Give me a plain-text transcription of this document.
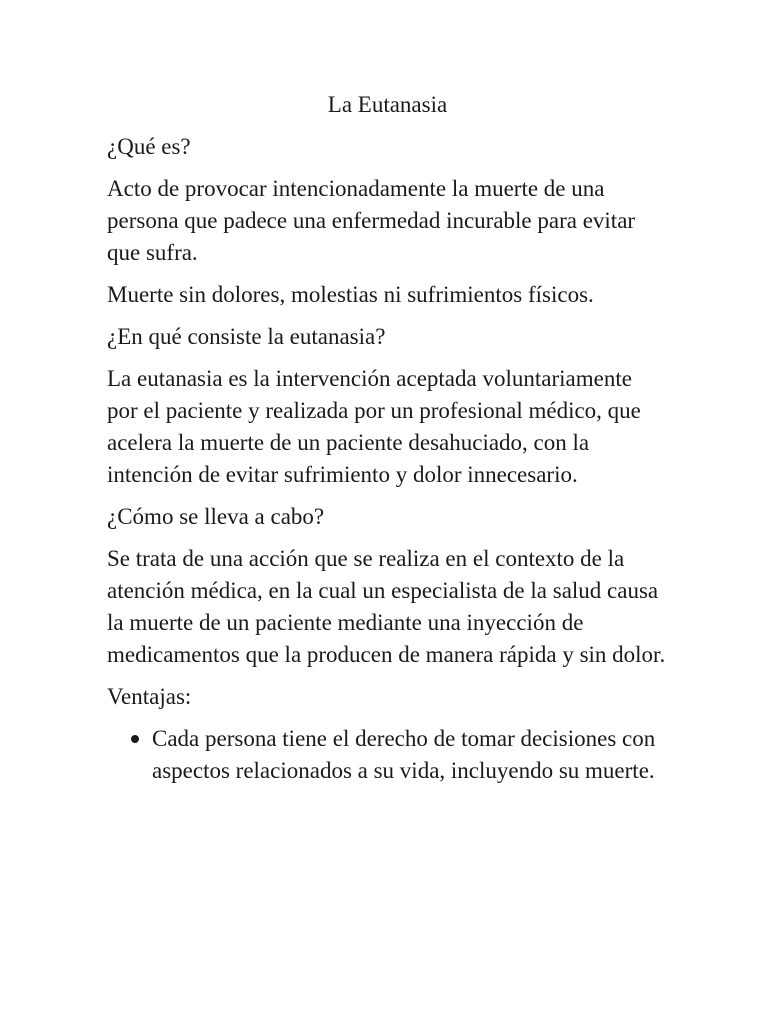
La Eutanasia

¿Qué es?

Acto de provocar intencionadamente la muerte de una persona que padece una enfermedad incurable para evitar que sufra.

Muerte sin dolores, molestias ni sufrimientos físicos.

¿En qué consiste la eutanasia?

La eutanasia es la intervención aceptada voluntariamente por el paciente y realizada por un profesional médico, que acelera la muerte de un paciente desahuciado, con la intención de evitar sufrimiento y dolor innecesario.

¿Cómo se lleva a cabo?

Se trata de una acción que se realiza en el contexto de la atención médica, en la cual un especialista de la salud causa la muerte de un paciente mediante una inyección de medicamentos que la producen de manera rápida y sin dolor.

Ventajas:

Cada persona tiene el derecho de tomar decisiones con aspectos relacionados a su vida, incluyendo su muerte.
